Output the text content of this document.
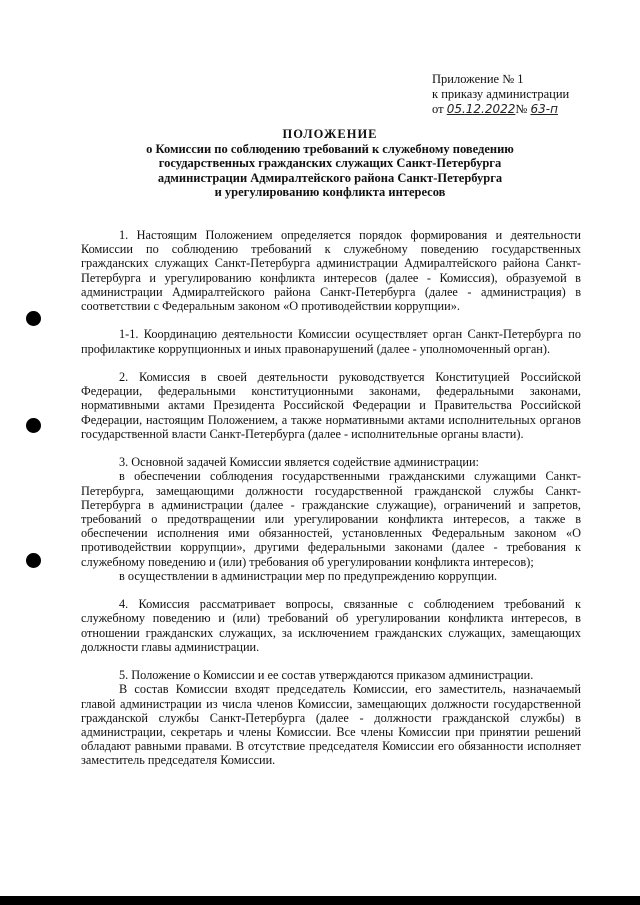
Приложение № 1
к приказу администрации
от 05.12.2022№ 63-п
ПОЛОЖЕНИЕ
о Комиссии по соблюдению требований к служебному поведению
государственных гражданских служащих Санкт-Петербурга
администрации Адмиралтейского района Санкт-Петербурга
и урегулированию конфликта интересов

1. Настоящим Положением определяется порядок формирования и деятельности Комиссии по соблюдению требований к служебному поведению государственных гражданских служащих Санкт-Петербурга администрации Адмиралтейского района Санкт-Петербурга и урегулированию конфликта интересов (далее - Комиссия), образуемой в администрации Адмиралтейского района Санкт-Петербурга (далее - администрация) в соответствии с Федеральным законом «О противодействии коррупции».

1-1. Координацию деятельности Комиссии осуществляет орган Санкт-Петербурга по профилактике коррупционных и иных правонарушений (далее - уполномоченный орган).

2. Комиссия в своей деятельности руководствуется Конституцией Российской Федерации, федеральными конституционными законами, федеральными законами, нормативными актами Президента Российской Федерации и Правительства Российской Федерации, настоящим Положением, а также нормативными актами исполнительных органов государственной власти Санкт-Петербурга (далее - исполнительные органы власти).

3. Основной задачей Комиссии является содействие администрации:

в обеспечении соблюдения государственными гражданскими служащими Санкт-Петербурга, замещающими должности государственной гражданской службы Санкт-Петербурга в администрации (далее - гражданские служащие), ограничений и запретов, требований о предотвращении или урегулировании конфликта интересов, а также в обеспечении исполнения ими обязанностей, установленных Федеральным законом «О противодействии коррупции», другими федеральными законами (далее - требования к служебному поведению и (или) требования об урегулировании конфликта интересов);

в осуществлении в администрации мер по предупреждению коррупции.

4. Комиссия рассматривает вопросы, связанные с соблюдением требований к служебному поведению и (или) требований об урегулировании конфликта интересов, в отношении гражданских служащих, за исключением гражданских служащих, замещающих должности главы администрации.

5. Положение о Комиссии и ее состав утверждаются приказом администрации.

В состав Комиссии входят председатель Комиссии, его заместитель, назначаемый главой администрации из числа членов Комиссии, замещающих должности государственной гражданской службы Санкт-Петербурга (далее - должности гражданской службы) в администрации, секретарь и члены Комиссии. Все члены Комиссии при принятии решений обладают равными правами. В отсутствие председателя Комиссии его обязанности исполняет заместитель председателя Комиссии.
